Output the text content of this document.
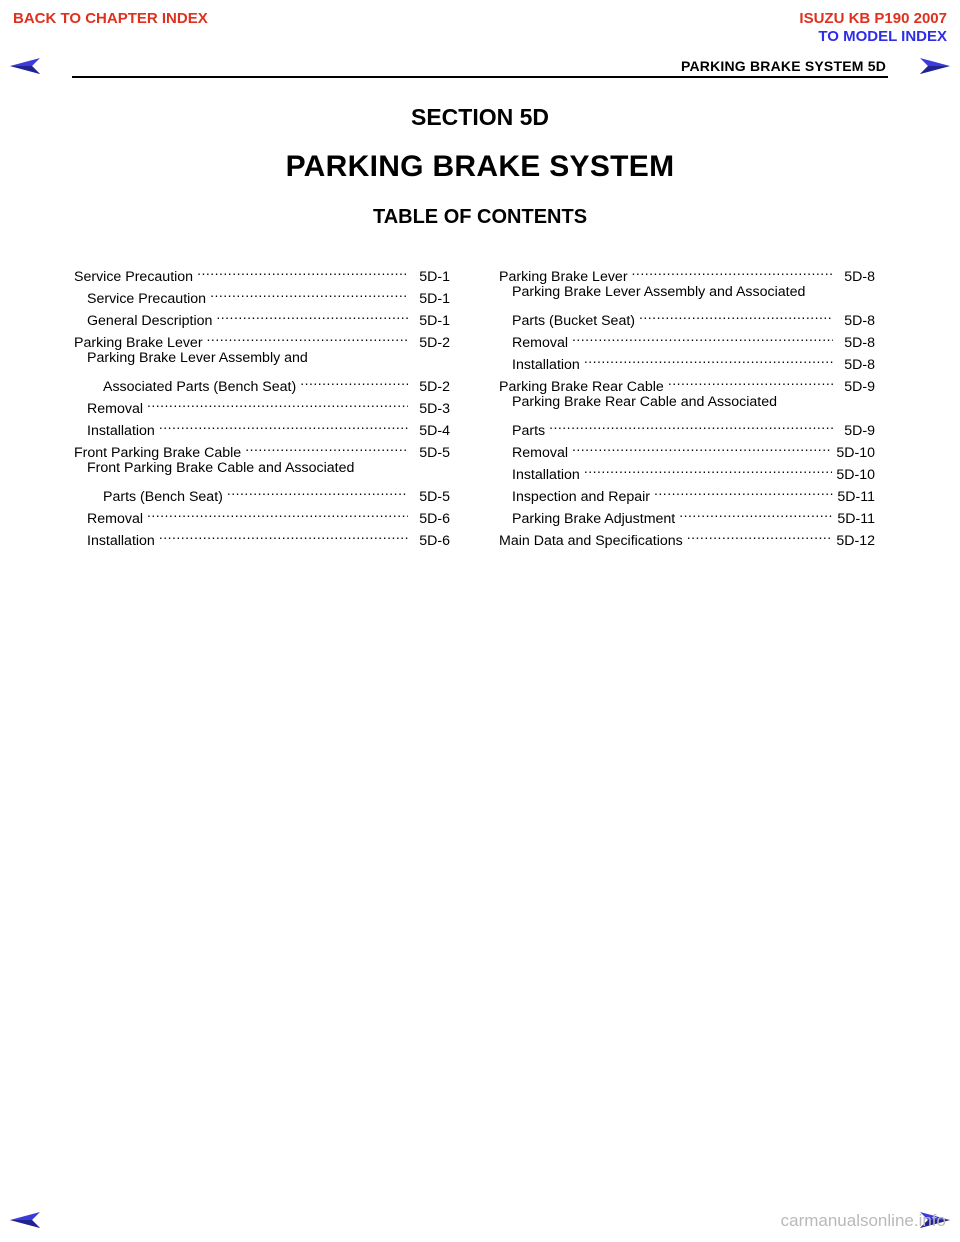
BACK TO CHAPTER INDEX	ISUZU KB P190 2007
TO MODEL INDEX
PARKING BRAKE SYSTEM 5D
SECTION 5D
PARKING BRAKE SYSTEM
TABLE OF CONTENTS
Service Precaution .....	5D-1
Service Precaution .....	5D-1
General Description .....	5D-1
Parking Brake Lever .....	5D-2
Parking Brake Lever Assembly and
Associated Parts (Bench Seat) .....	5D-2
Removal .....	5D-3
Installation .....	5D-4
Front Parking Brake Cable .....	5D-5
Front Parking Brake Cable and Associated
Parts (Bench Seat) .....	5D-5
Removal .....	5D-6
Installation .....	5D-6
Parking Brake Lever .....	5D-8
Parking Brake Lever Assembly and Associated
Parts (Bucket Seat) .....	5D-8
Removal .....	5D-8
Installation .....	5D-8
Parking Brake Rear Cable .....	5D-9
Parking Brake Rear Cable and Associated
Parts .....	5D-9
Removal .....	5D-10
Installation .....	5D-10
Inspection and Repair .....	5D-11
Parking Brake Adjustment .....	5D-11
Main Data and Specifications .....	5D-12
carmanualsonline.info
